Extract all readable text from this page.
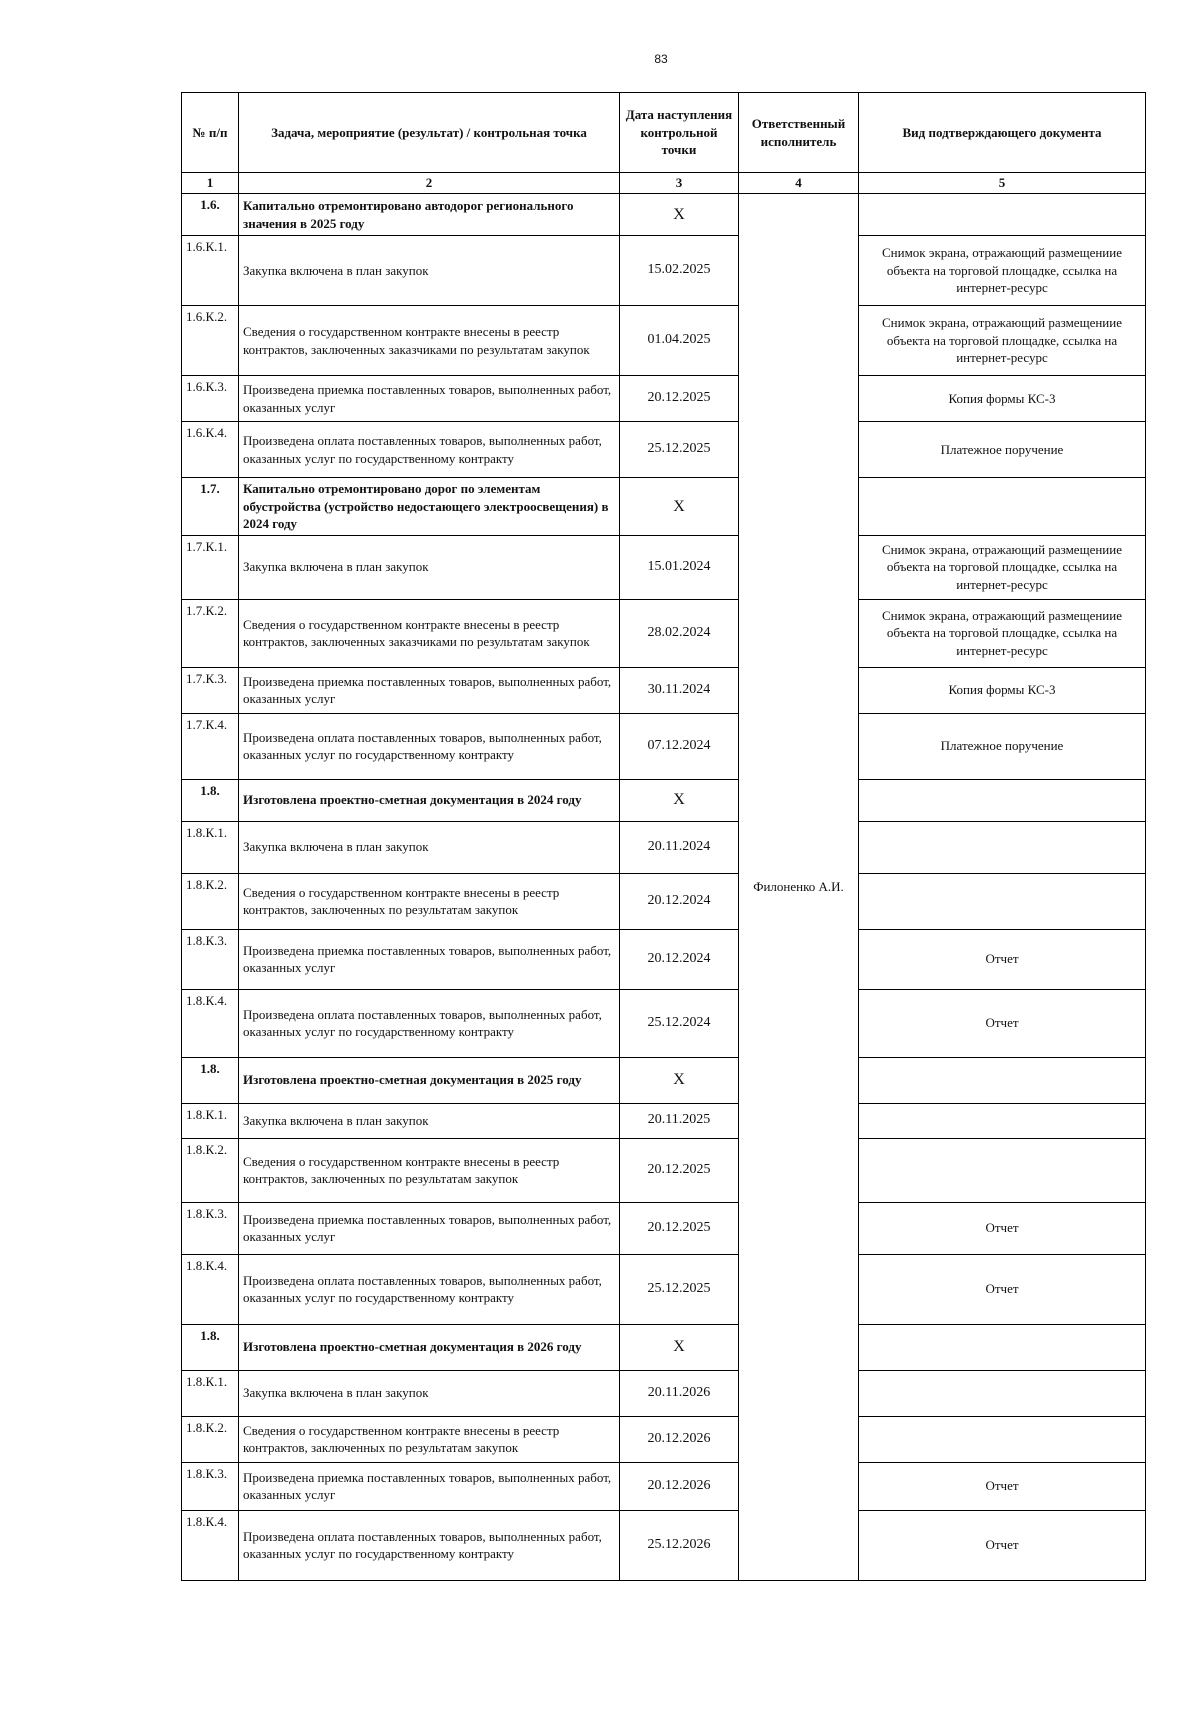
83
№ п/п	Задача, мероприятие (результат) / контрольная точка	Дата наступления контрольной точки	Ответственный исполнитель	Вид подтверждающего документа
1	2	3	4	5
1.6.	Капитально отремонтировано автодорог регионального значения в 2025 году	Х	Филоненко А.И.	
1.6.К.1.	Закупка включена в план закупок	15.02.2025		Снимок экрана, отражающий размещениие объекта на торговой площадке, ссылка на интернет-ресурс
1.6.К.2.	Сведения о государственном контракте внесены в реестр контрактов, заключенных заказчиками по результатам закупок	01.04.2025		Снимок экрана, отражающий размещениие объекта на торговой площадке, ссылка на интернет-ресурс
1.6.К.3.	Произведена приемка поставленных товаров, выполненных работ, оказанных услуг	20.12.2025		Копия формы КС-3
1.6.К.4.	Произведена оплата поставленных товаров, выполненных работ, оказанных услуг по государственному контракту	25.12.2025		Платежное поручение
1.7.	Капитально отремонтировано дорог по элементам обустройства (устройство недостающего электроосвещения) в 2024 году	Х		
1.7.К.1.	Закупка включена в план закупок	15.01.2024		Снимок экрана, отражающий размещениие объекта на торговой площадке, ссылка на интернет-ресурс
1.7.К.2.	Сведения о государственном контракте внесены в реестр контрактов, заключенных заказчиками по результатам закупок	28.02.2024		Снимок экрана, отражающий размещениие объекта на торговой площадке, ссылка на интернет-ресурс
1.7.К.3.	Произведена приемка поставленных товаров, выполненных работ, оказанных услуг	30.11.2024		Копия формы КС-3
1.7.К.4.	Произведена оплата поставленных товаров, выполненных работ, оказанных услуг по государственному контракту	07.12.2024		Платежное поручение
1.8.	Изготовлена проектно-сметная документация в 2024 году	Х		
1.8.К.1.	Закупка включена в план закупок	20.11.2024		
1.8.К.2.	Сведения о государственном контракте внесены в реестр контрактов, заключенных по результатам закупок	20.12.2024		
1.8.К.3.	Произведена приемка поставленных товаров, выполненных работ, оказанных услуг	20.12.2024		Отчет
1.8.К.4.	Произведена оплата поставленных товаров, выполненных работ, оказанных услуг по государственному контракту	25.12.2024		Отчет
1.8.	Изготовлена проектно-сметная документация в 2025 году	Х		
1.8.К.1.	Закупка включена в план закупок	20.11.2025		
1.8.К.2.	Сведения о государственном контракте внесены в реестр контрактов, заключенных по результатам закупок	20.12.2025		
1.8.К.3.	Произведена приемка поставленных товаров, выполненных работ, оказанных услуг	20.12.2025		Отчет
1.8.К.4.	Произведена оплата поставленных товаров, выполненных работ, оказанных услуг по государственному контракту	25.12.2025		Отчет
1.8.	Изготовлена проектно-сметная документация в 2026 году	Х		
1.8.К.1.	Закупка включена в план закупок	20.11.2026		
1.8.К.2.	Сведения о государственном контракте внесены в реестр контрактов, заключенных по результатам закупок	20.12.2026		
1.8.К.3.	Произведена приемка поставленных товаров, выполненных работ, оказанных услуг	20.12.2026		Отчет
1.8.К.4.	Произведена оплата поставленных товаров, выполненных работ, оказанных услуг по государственному контракту	25.12.2026		Отчет
